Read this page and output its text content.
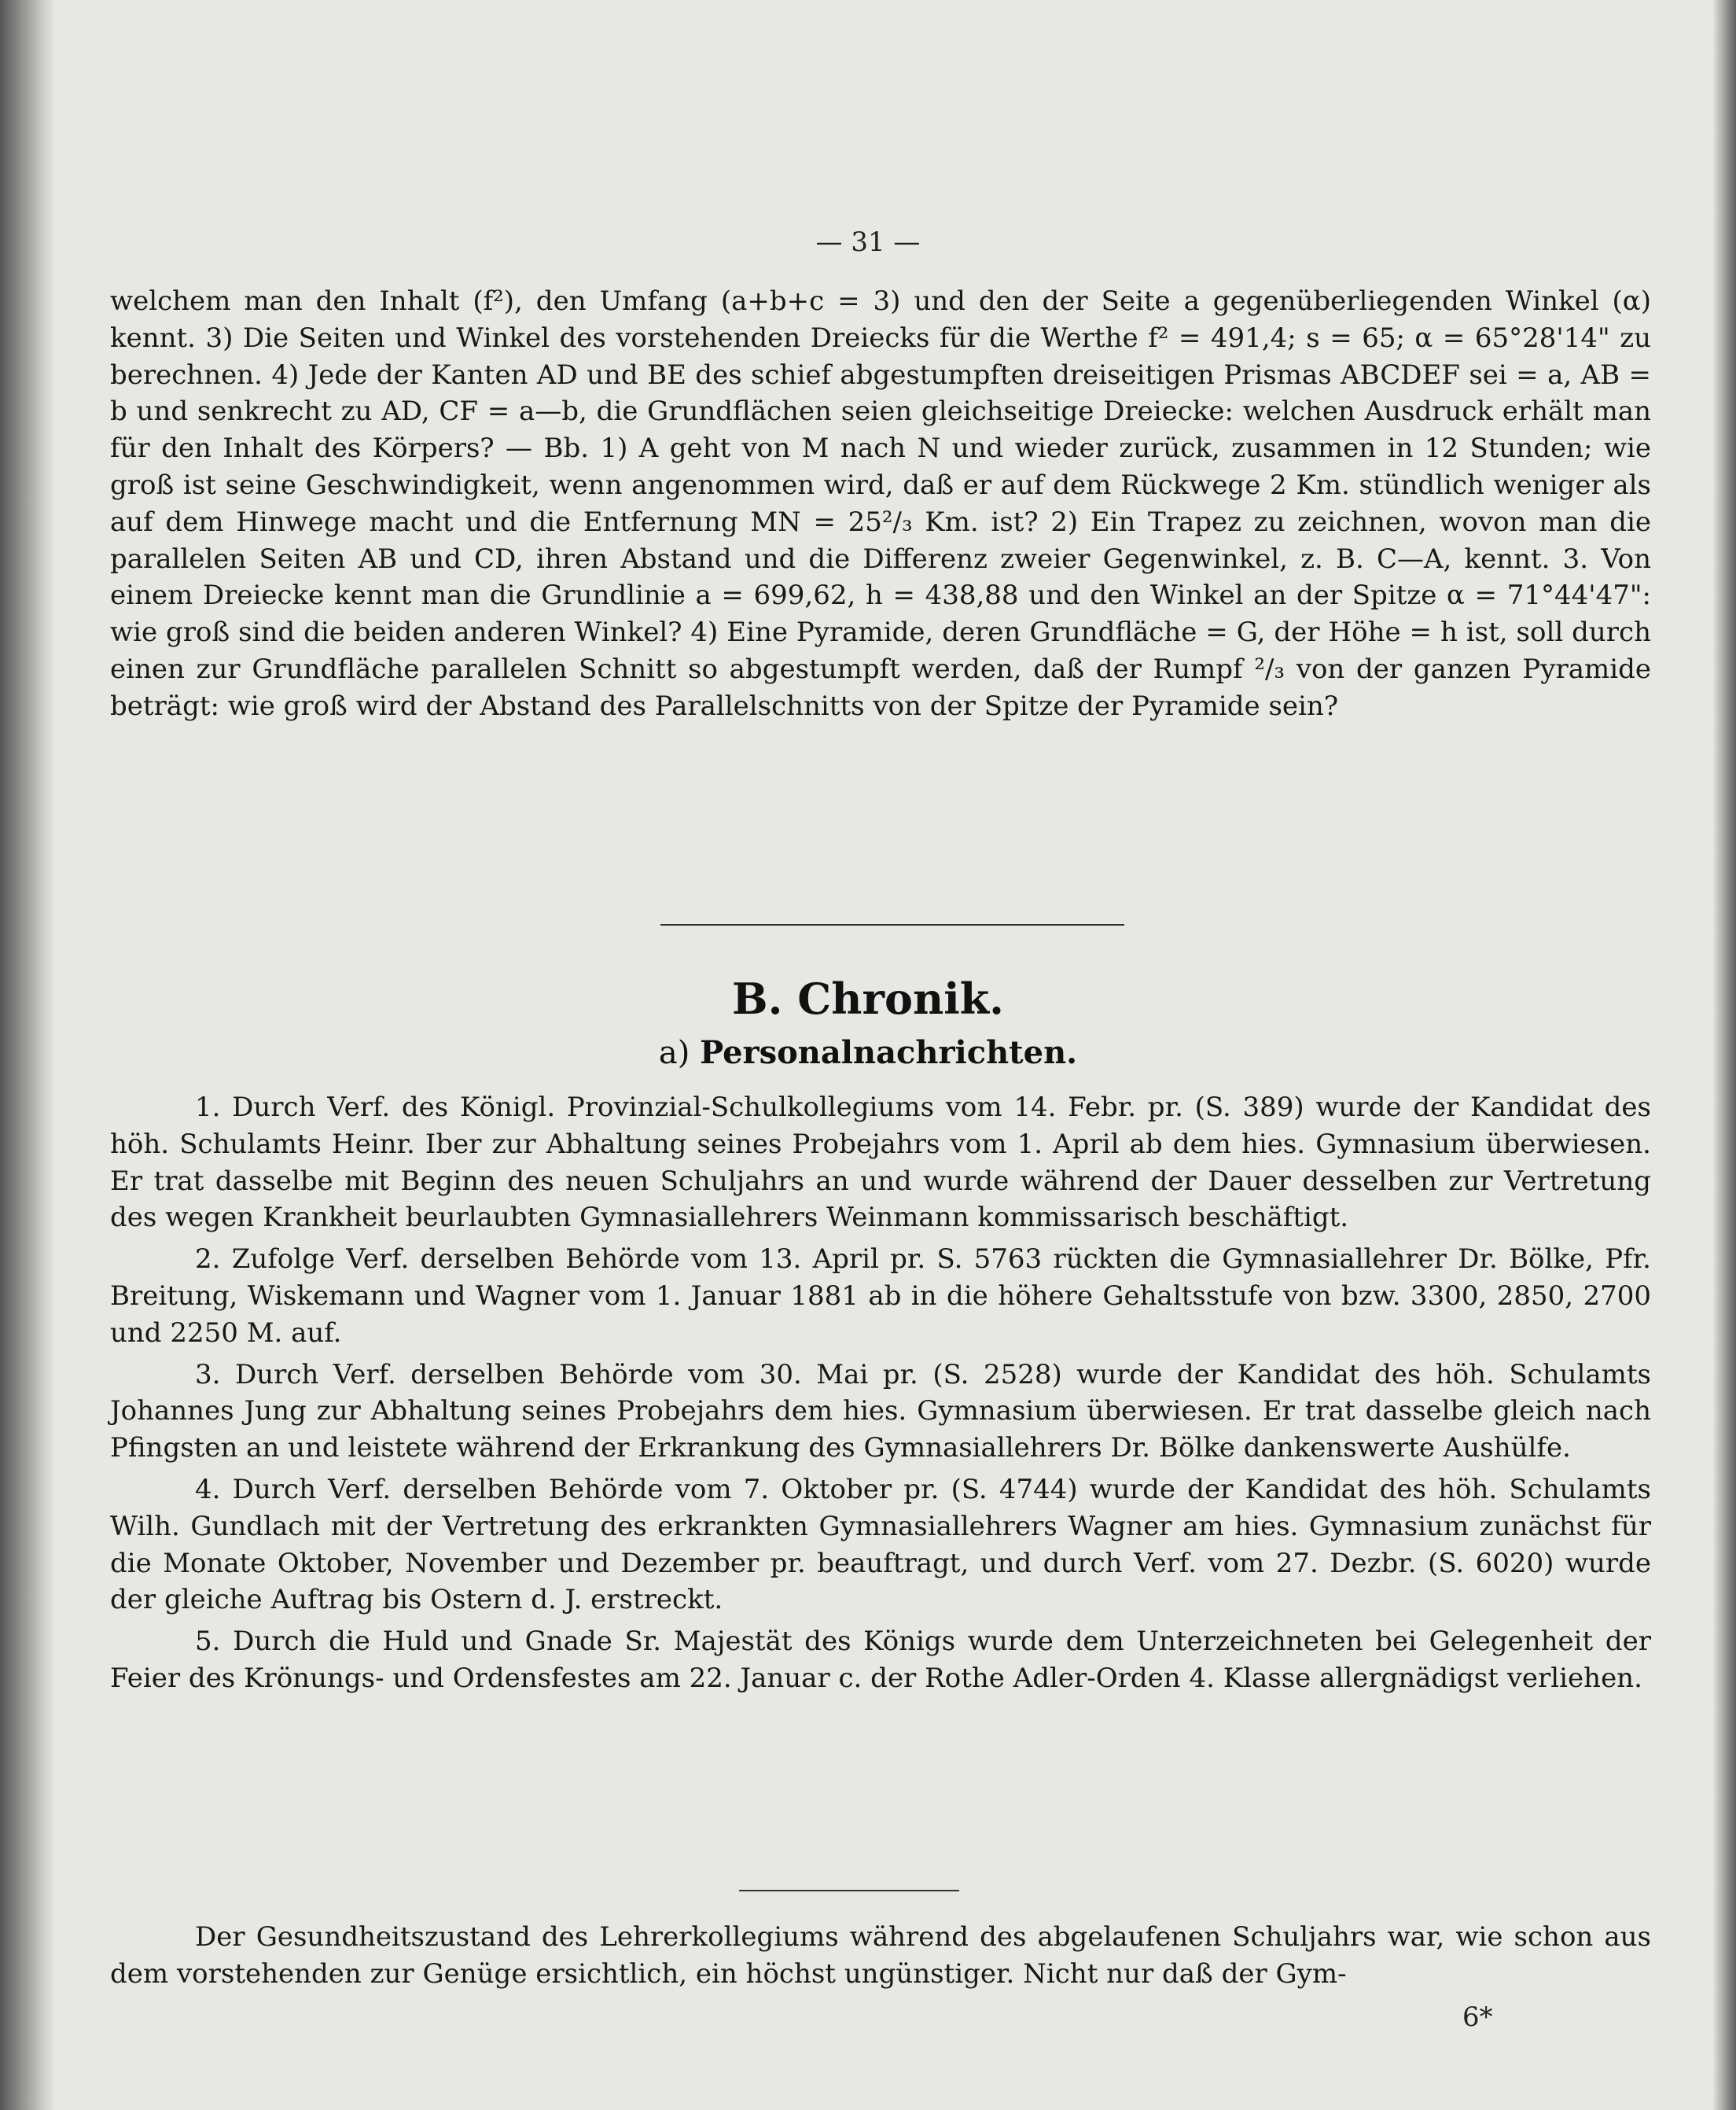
— 31 —

welchem man den Inhalt (f²), den Umfang (a+b+c = 3) und den der Seite a gegenüberliegenden Winkel (α) kennt. 3) Die Seiten und Winkel des vorstehenden Dreiecks für die Werthe f² = 491,4; s = 65; α = 65°28'14" zu berechnen. 4) Jede der Kanten AD und BE des schief abgestumpften dreiseitigen Prismas ABCDEF sei = a, AB = b und senkrecht zu AD, CF = a—b, die Grundflächen seien gleichseitige Dreiecke: welchen Ausdruck erhält man für den Inhalt des Körpers? — Bb. 1) A geht von M nach N und wieder zurück, zusammen in 12 Stunden; wie groß ist seine Geschwindigkeit, wenn angenommen wird, daß er auf dem Rückwege 2 Km. stündlich weniger als auf dem Hinwege macht und die Entfernung MN = 25²/₃ Km. ist? 2) Ein Trapez zu zeichnen, wovon man die parallelen Seiten AB und CD, ihren Abstand und die Differenz zweier Gegenwinkel, z. B. C—A, kennt. 3. Von einem Dreiecke kennt man die Grundlinie a = 699,62, h = 438,88 und den Winkel an der Spitze α = 71°44'47": wie groß sind die beiden anderen Winkel? 4) Eine Pyramide, deren Grundfläche = G, der Höhe = h ist, soll durch einen zur Grundfläche parallelen Schnitt so abgestumpft werden, daß der Rumpf ²/₃ von der ganzen Pyramide beträgt: wie groß wird der Abstand des Parallelschnitts von der Spitze der Pyramide sein?

B. Chronik.
a) Personalnachrichten.

1. Durch Verf. des Königl. Provinzial-Schulkollegiums vom 14. Febr. pr. (S. 389) wurde der Kandidat des höh. Schulamts Heinr. Iber zur Abhaltung seines Probejahrs vom 1. April ab dem hies. Gymnasium überwiesen. Er trat dasselbe mit Beginn des neuen Schuljahrs an und wurde während der Dauer desselben zur Vertretung des wegen Krankheit beurlaubten Gymnasiallehrers Weinmann kommissarisch beschäftigt.

2. Zufolge Verf. derselben Behörde vom 13. April pr. S. 5763 rückten die Gymnasiallehrer Dr. Bölke, Pfr. Breitung, Wiskemann und Wagner vom 1. Januar 1881 ab in die höhere Gehaltsstufe von bzw. 3300, 2850, 2700 und 2250 M. auf.

3. Durch Verf. derselben Behörde vom 30. Mai pr. (S. 2528) wurde der Kandidat des höh. Schulamts Johannes Jung zur Abhaltung seines Probejahrs dem hies. Gymnasium überwiesen. Er trat dasselbe gleich nach Pfingsten an und leistete während der Erkrankung des Gymnasiallehrers Dr. Bölke dankenswerte Aushülfe.

4. Durch Verf. derselben Behörde vom 7. Oktober pr. (S. 4744) wurde der Kandidat des höh. Schulamts Wilh. Gundlach mit der Vertretung des erkrankten Gymnasiallehrers Wagner am hies. Gymnasium zunächst für die Monate Oktober, November und Dezember pr. beauftragt, und durch Verf. vom 27. Dezbr. (S. 6020) wurde der gleiche Auftrag bis Ostern d. J. erstreckt.

5. Durch die Huld und Gnade Sr. Majestät des Königs wurde dem Unterzeichneten bei Gelegenheit der Feier des Krönungs- und Ordensfestes am 22. Januar c. der Rothe Adler-Orden 4. Klasse allergnädigst verliehen.

Der Gesundheitszustand des Lehrerkollegiums während des abgelaufenen Schuljahrs war, wie schon aus dem vorstehenden zur Genüge ersichtlich, ein höchst ungünstiger. Nicht nur daß der Gym-

6*
